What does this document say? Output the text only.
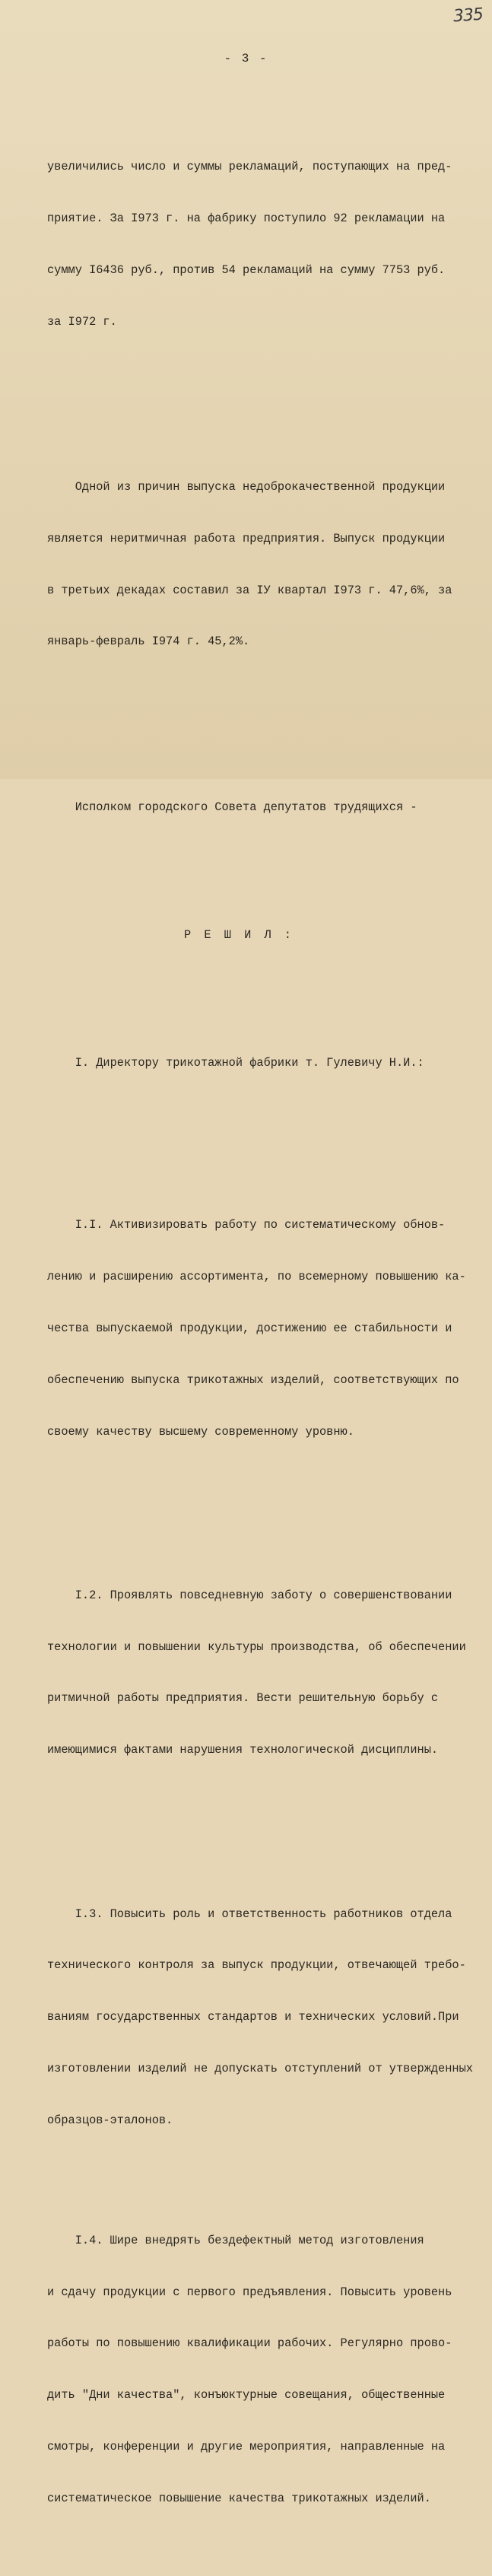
335
- 3 -

увеличились число и суммы рекламаций, поступающих на пред-

приятие. За I973 г. на фабрику поступило 92 рекламации на

сумму I6436 руб., против 54 рекламаций на сумму 7753 руб.

за I972 г.

Одной из причин выпуска недоброкачественной продукции

является неритмичная работа предприятия. Выпуск продукции

в третьих декадах составил за IУ квартал I973 г. 47,6%, за

январь-февраль I974 г. 45,2%.

Исполком городского Совета депутатов трудящихся -

Р Е Ш И Л :

I. Директору трикотажной фабрики т. Гулевичу Н.И.:

I.I. Активизировать работу по систематическому обнов-

лению и расширению ассортимента, по всемерному повышению ка-

чества выпускаемой продукции, достижению ее стабильности и

обеспечению выпуска трикотажных изделий, соответствующих по

своему качеству высшему современному уровню.

I.2. Проявлять повседневную заботу о совершенствовании

технологии и повышении культуры производства, об обеспечении

ритмичной работы предприятия. Вести решительную борьбу с

имеющимися фактами нарушения технологической дисциплины.

I.3. Повысить роль и ответственность работников отдела

технического контроля за выпуск продукции, отвечающей требо-

ваниям государственных стандартов и технических условий.При

изготовлении изделий не допускать отступлений от утвержденных

образцов-эталонов.

I.4. Шире внедрять бездефектный метод изготовления

и сдачу продукции с первого предъявления. Повысить уровень

работы по повышению квалификации рабочих. Регулярно прово-

дить "Дни качества", конъюктурные совещания, общественные

смотры, конференции и другие мероприятия, направленные на

систематическое повышение качества трикотажных изделий.
